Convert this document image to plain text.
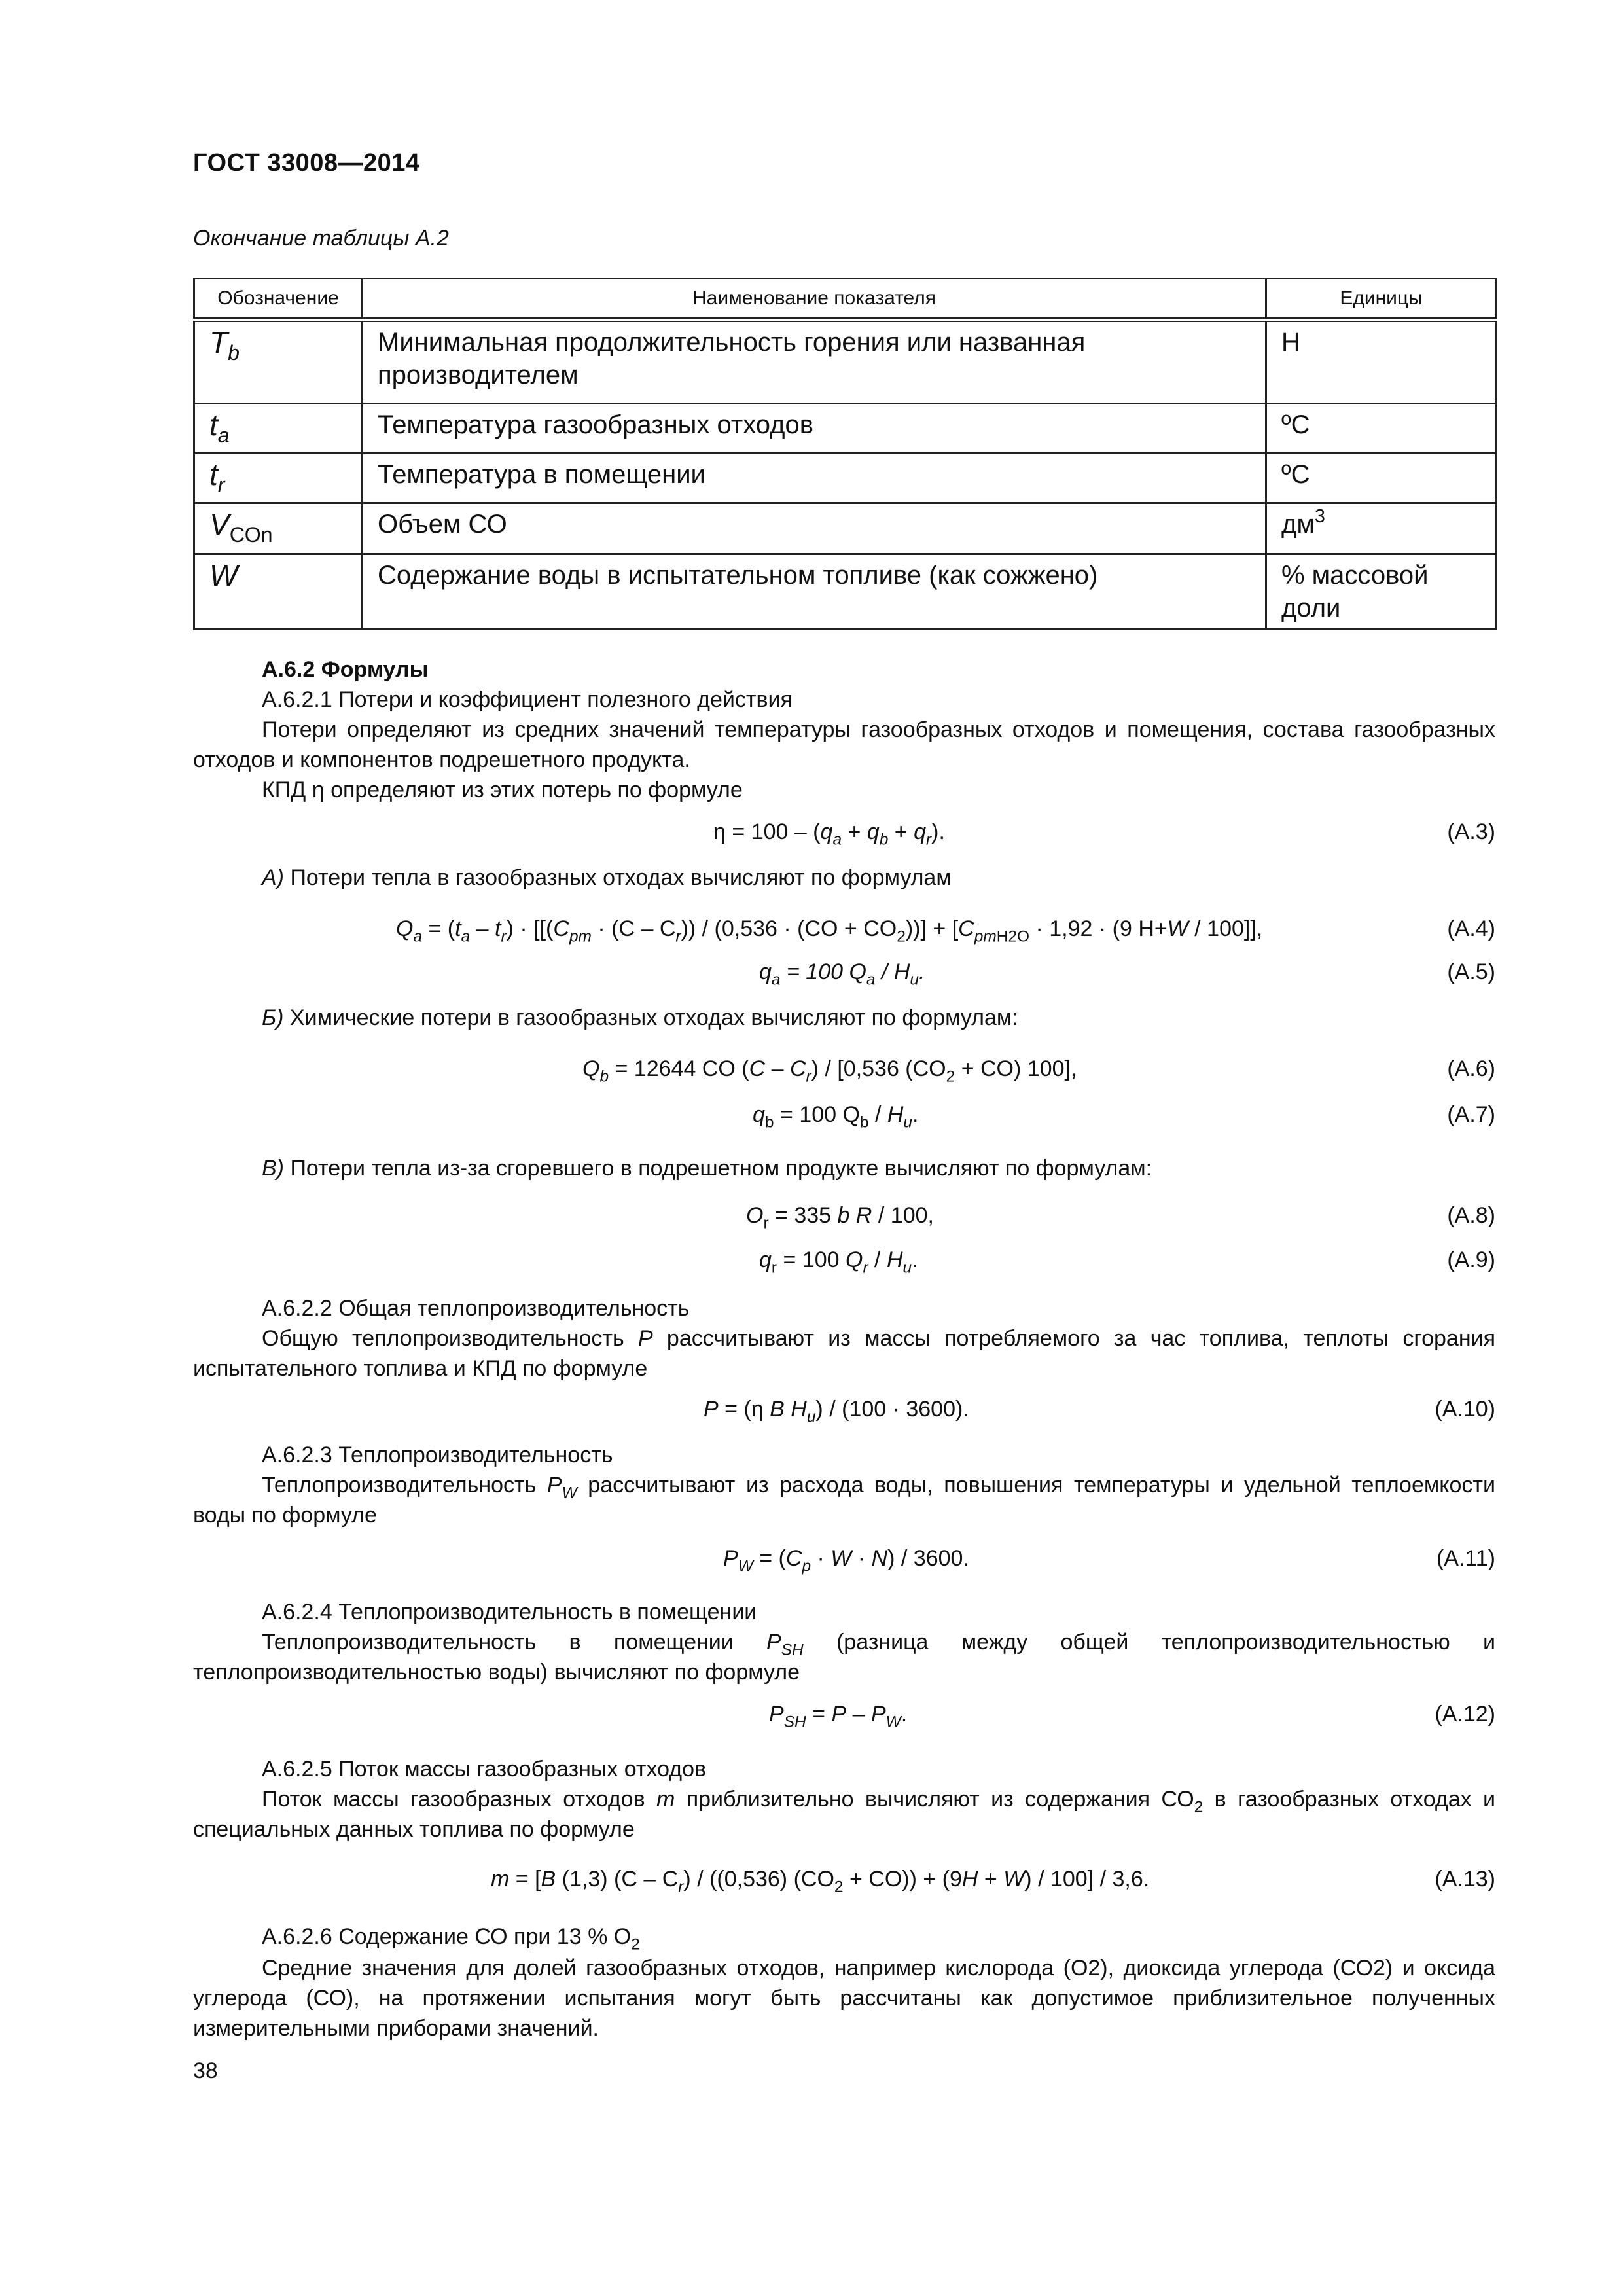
ГОСТ 33008—2014
Окончание таблицы А.2
Обозначение	Наименование показателя	Единицы
$T_b$	Минимальная продолжительность горения или названная производителем	Н
$t_a$	Температура газообразных отходов	ºС
$t_r$	Температура в помещении	ºС
$V_{COn}$	Объем СО	$дм^3$
W	Содержание воды в испытательном топливе (как сожжено)	% массовой доли
А.6.2 Формулы
А.6.2.1 Потери и коэффициент полезного действия
Потери определяют из средних значений температуры газообразных отходов и помещения, состава газообразных отходов и компонентов подрешетного продукта.
КПД η определяют из этих потерь по формуле
$\eta = 100 - (q_a + q_b + q_r)$.	(А.3)
А) Потери тепла в газообразных отходах вычисляют по формулам
$Q_a = (t_a - t_r) \cdot [[(C_{pm} \cdot (C - C_r)) / (0,536 \cdot (CO + CO_2))] + [C_{pmH2O} \cdot 1,92 \cdot (9$ H+W / 100]],	(А.4)
$q_a = 100$ $Q_a / H_u$.	(А.5)
Б) Химические потери в газообразных отходах вычисляют по формулам:
$Q_b = 12644$ CO $(C - C_r) / [0,536$ $(CO_2 + CO)$ 100],	(А.6)
$q_b = 100$ $Q_b / H_u$.	(А.7)
В) Потери тепла из-за сгоревшего в подрешетном продукте вычисляют по формулам:
$O_r = 335$ b R / 100,	(А.8)
$q_r = 100$ $Q_r / H_u$.	(А.9)
А.6.2.2 Общая теплопроизводительность
Общую теплопроизводительность Р рассчитывают из массы потребляемого за час топлива, теплоты сгорания испытательного топлива и КПД по формуле
P = (η B $H_u) / (100 \cdot 3600)$.	(А.10)
А.6.2.3 Теплопроизводительность
Теплопроизводительность $P_W$ рассчитывают из расхода воды, повышения температуры и удельной теплоемкости воды по формуле
$P_W = (C_p \cdot W \cdot N) / 3600$.	(А.11)
А.6.2.4 Теплопроизводительность в помещении
Теплопроизводительность в помещении $P_{SH}$ (разница между общей теплопроизводительностью и теплопроизводительностью воды) вычисляют по формуле
$P_{SH} = P - P_W$.	(А.12)
А.6.2.5 Поток массы газообразных отходов
Поток массы газообразных отходов m приблизительно вычисляют из содержания $СО_2$ в газообразных отходах и специальных данных топлива по формуле
m = [B (1,3) $(C - C_r) / ((0,536) (CO_2 + CO)) + (9H + W) / 100] / 3,6$.	(А.13)
А.6.2.6 Содержание СО при 13 % $О_2$
Средние значения для долей газообразных отходов, например кислорода (O2), диоксида углерода (СО2) и оксида углерода (СО), на протяжении испытания могут быть рассчитаны как допустимое приблизительное полученных измерительными приборами значений.
38
